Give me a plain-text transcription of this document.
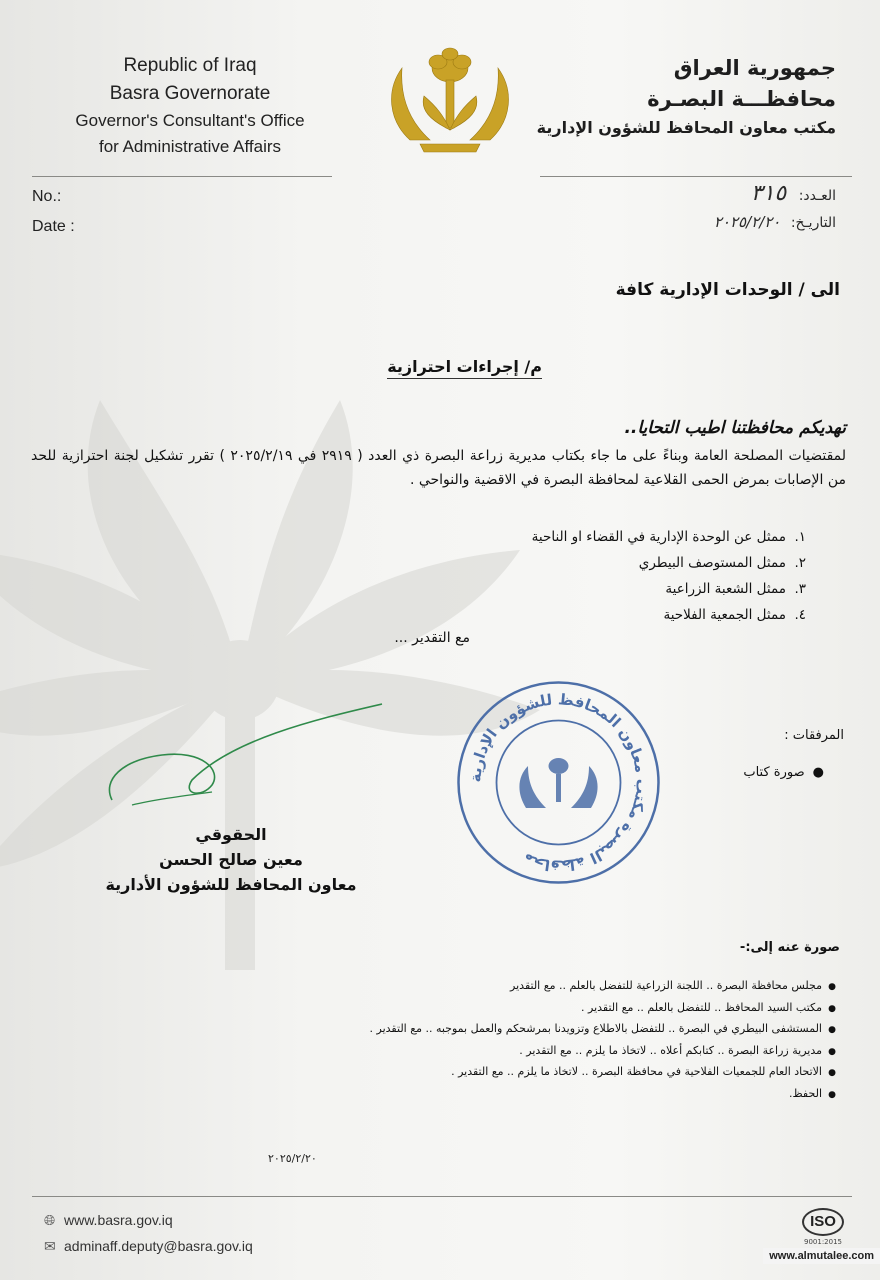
Republic of Iraq
Basra Governorate
Governor's Consultant's Office
for Administrative Affairs
جمهورية العراق
محافظـــة البصـرة
مكتب معاون المحافظ للشؤون الإدارية
No.:
Date :
العـدد: ٣١٥
التاريـخ: ٢٠٢٥/٢/٢٠
الى / الوحدات الإدارية كافة
م/ إجراءات احترازية
تهديكم محافظتنا اطيب التحايا..
لمقتضيات المصلحة العامة وبناءً على ما جاء بكتاب مديرية زراعة البصرة ذي العدد ( ٢٩١٩ في ٢٠٢٥/٢/١٩ ) تقرر تشكيل لجنة احترازية للحد من الإصابات بمرض الحمى القلاعية لمحافظة البصرة في الاقضية والنواحي .
١.ممثل عن الوحدة الإدارية في القضاء او الناحية
٢.ممثل المستوصف البيطري
٣.ممثل الشعبة الزراعية
٤.ممثل الجمعية الفلاحية
مع التقدير ...
المرفقات :
●صورة كتاب
محافظة البصرة مكتب معاون المحافظ للشؤون الإدارية
الحقوقي
معين صالح الحسن
معاون المحافظ للشؤون الأدارية
صورة عنه إلى:-
●مجلس محافظة البصرة .. اللجنة الزراعية للتفضل بالعلم .. مع التقدير
●مكتب السيد المحافظ .. للتفضل بالعلم .. مع التقدير .
●المستشفى البيطري في البصرة .. للتفضل بالاطلاع وتزويدنا بمرشحكم والعمل بموجبه .. مع التقدير .
●مديرية زراعة البصرة .. كتابكم أعلاه .. لاتخاذ ما يلزم .. مع التقدير .
●الاتحاد العام للجمعيات الفلاحية في محافظة البصرة .. لاتخاذ ما يلزم .. مع التقدير .
●الحفظ.
٢٠٢٥/٢/٢٠
🌐︎ www.basra.gov.iq
✉ adminaff.deputy@basra.gov.iq
ISO
9001:2015
www.almutalee.com
